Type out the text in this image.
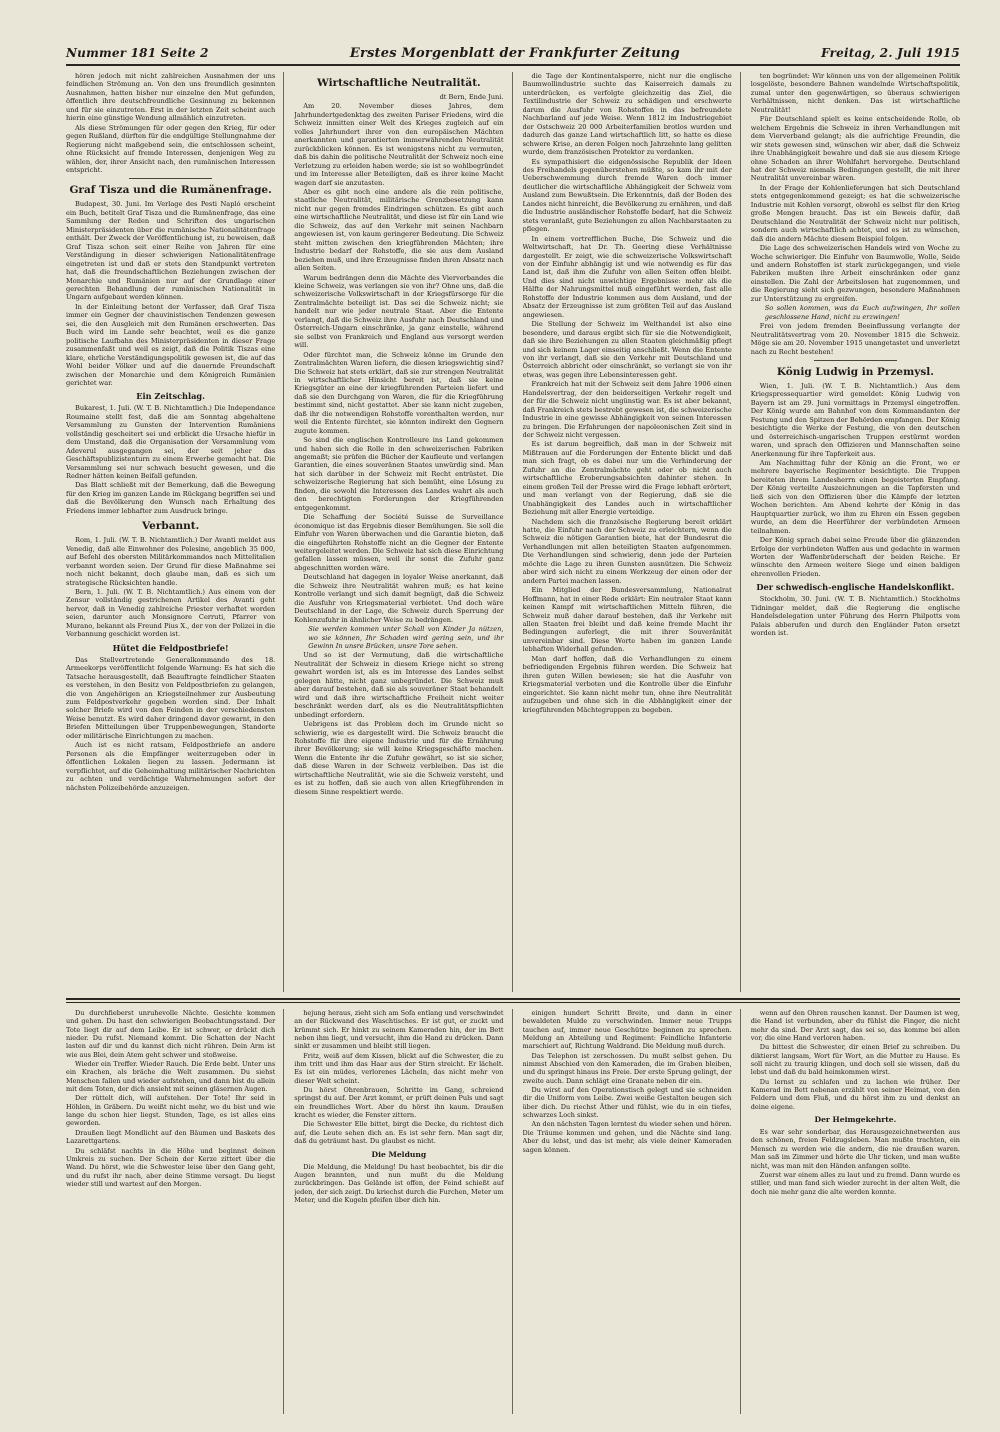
Nummer 181 Seite 2	Erstes Morgenblatt der Frankfurter Zeitung	Freitag, 2. Juli 1915

hören jedoch mit nicht zahlreichen Ausnahmen der uns feindlichen Strömung an. Von den uns freundlich gesinnten Ausnahmen, hatten bisher nur einzelne den Mut gefunden, öffentlich ihre deutschfreundliche Gesinnung zu bekennen und für sie einzutreten. Erst in der letzten Zeit scheint auch hierin eine günstige Wendung allmählich einzutreten.

Als diese Strömungen für oder gegen den Krieg, für oder gegen Rußland, dürften für die endgültige Stellungnahme der Regierung nicht maßgebend sein, die entschlossen scheint, ohne Rücksicht auf fremde Interessen, denjenigen Weg zu wählen, der, ihrer Ansicht nach, den rumänischen Interessen entspricht.

Graf Tisza und die Rumänenfrage.

Budapest, 30. Juni. Im Verlage des Pesti Napló erscheint ein Buch, betitelt Graf Tisza und die Rumänenfrage, das eine Sammlung der Reden und Schriften des ungarischen Ministerpräsidenten über die rumänische Nationalitätenfrage enthält. Der Zweck der Veröffentlichung ist, zu beweisen, daß Graf Tisza schon seit einer Reihe von Jahren für eine Verständigung in dieser schwierigen Nationalitätenfrage eingetreten ist und daß er stets den Standpunkt vertreten hat, daß die freundschaftlichen Beziehungen zwischen der Monarchie und Rumänien nur auf der Grundlage einer gerechten Behandlung der rumänischen Nationalität in Ungarn aufgebaut werden können.

In der Einleitung betont der Verfasser, daß Graf Tisza immer ein Gegner der chauvinistischen Tendenzen gewesen sei, die den Ausgleich mit den Rumänen erschwerten. Das Buch wird im Lande sehr beachtet, weil es die ganze politische Laufbahn des Ministerpräsidenten in dieser Frage zusammenfaßt und weil es zeigt, daß die Politik Tiszas eine klare, ehrliche Verständigungspolitik gewesen ist, die auf das Wohl beider Völker und auf die dauernde Freundschaft zwischen der Monarchie und dem Königreich Rumänien gerichtet war.

Ein Zeitschlag.

Bukarest, 1. Juli. (W. T. B. Nichtamtlich.) Die Independance Roumaine stellt fest, daß die am Sonntag abgehaltene Versammlung zu Gunsten der Intervention Rumäniens vollständig gescheitert sei und erblickt die Ursache hiefür in dem Umstand, daß die Organisation der Versammlung vom Adeverul ausgegangen sei, der seit jeher das Geschäftspublizistenturn zu einem Erwerbe gemacht hat. Die Versammlung sei nur schwach besucht gewesen, und die Redner hätten keinen Beifall gefunden.

Das Blatt schließt mit der Bemerkung, daß die Bewegung für den Krieg im ganzen Lande im Rückgang begriffen sei und daß die Bevölkerung den Wunsch nach Erhaltung des Friedens immer lebhafter zum Ausdruck bringe.

Verbannt.

Rom, 1. Juli. (W. T. B. Nichtamtlich.) Der Avanti meldet aus Venedig, daß alle Einwohner des Polesine, angeblich 35 000, auf Befehl des obersten Militärkommandos nach Mittelitalien verbannt worden seien. Der Grund für diese Maßnahme sei noch nicht bekannt, doch glaube man, daß es sich um strategische Rücksichten handle.

Bern, 1. Juli. (W. T. B. Nichtamtlich.) Aus einem von der Zensur vollständig gestrichenen Artikel des Avanti geht hervor, daß in Venedig zahlreiche Priester verhaftet worden seien, darunter auch Monsignore Cerruti, Pfarrer von Murano, bekannt als Freund Pius X., der von der Polizei in die Verbannung geschickt worden ist.

Hütet die Feldpostbriefe!

Das Stellvertretende Generalkommando des 18. Armeekorps veröffentlicht folgende Warnung: Es hat sich die Tatsache herausgestellt, daß Beauftragte feindlicher Staaten es verstehen, in den Besitz von Feldpostbriefen zu gelangen, die von Angehörigen an Kriegsteilnehmer zur Ausbeutung zum Feldpostverkehr gegeben worden sind. Der Inhalt solcher Briefe wird von den Feinden in der verschiedensten Weise benutzt. Es wird daher dringend davor gewarnt, in den Briefen Mitteilungen über Truppenbewegungen, Standorte oder militärische Einrichtungen zu machen.

Auch ist es nicht ratsam, Feldpostbriefe an andere Personen als die Empfänger weiterzugeben oder in öffentlichen Lokalen liegen zu lassen. Jedermann ist verpflichtet, auf die Geheimhaltung militärischer Nachrichten zu achten und verdächtige Wahrnehmungen sofort der nächsten Polizeibehörde anzuzeigen.

Wirtschaftliche Neutralität.

dt Bern, Ende Juni.

Am 20. November dieses Jahres, dem Jahrhundertgedenktag des zweiten Pariser Friedens, wird die Schweiz inmitten einer Welt des Krieges zugleich auf ein volles Jahrhundert ihrer von den europäischen Mächten anerkannten und garantierten immerwährenden Neutralität zurückblicken können. Es ist wenigstens nicht zu vermuten, daß bis dahin die politische Neutralität der Schweiz noch eine Verletzung zu erleiden haben werde; sie ist so wohlbegründet und im Interesse aller Beteiligten, daß es ihrer keine Macht wagen darf sie anzutasten.

Aber es gibt noch eine andere als die rein politische, staatliche Neutralität, militärische Grenzbesetzung kann nicht nur gegen fremdes Eindringen schützen. Es gibt auch eine wirtschaftliche Neutralität, und diese ist für ein Land wie die Schweiz, das auf den Verkehr mit seinen Nachbarn angewiesen ist, von kaum geringerer Bedeutung. Die Schweiz steht mitten zwischen den kriegführenden Mächten; ihre Industrie bedarf der Rohstoffe, die sie aus dem Ausland beziehen muß, und ihre Erzeugnisse finden ihren Absatz nach allen Seiten.

Warum bedrängen denn die Mächte des Vierverbandes die kleine Schweiz, was verlangen sie von ihr? Ohne uns, daß die schweizerische Volkswirtschaft in der Kriegsfürsorge für die Zentralmächte beteiligt ist. Das sei die Schweiz nicht; sie handelt nur wie jeder neutrale Staat. Aber die Entente verlangt, daß die Schweiz ihre Ausfuhr nach Deutschland und Österreich-Ungarn einschränke, ja ganz einstelle, während sie selbst von Frankreich und England aus versorgt werden will.

Oder fürchtet man, die Schweiz könne im Grunde den Zentralmächten Waren liefern, die diesen kriegswichtig sind? Die Schweiz hat stets erklärt, daß sie zur strengen Neutralität in wirtschaftlicher Hinsicht bereit ist, daß sie keine Kriegsgüter an eine der kriegführenden Parteien liefert und daß sie den Durchgang von Waren, die für die Kriegführung bestimmt sind, nicht gestattet. Aber sie kann nicht zugeben, daß ihr die notwendigen Rohstoffe vorenthalten werden, nur weil die Entente fürchtet, sie könnten indirekt den Gegnern zugute kommen.

So sind die englischen Kontrolleure ins Land gekommen und haben sich die Rolle in den schweizerischen Fabriken angemaßt; sie prüfen die Bücher der Kaufleute und verlangen Garantien, die eines souveränen Staates unwürdig sind. Man hat sich darüber in der Schweiz mit Recht entrüstet. Die schweizerische Regierung hat sich bemüht, eine Lösung zu finden, die sowohl die Interessen des Landes wahrt als auch den berechtigten Forderungen der Kriegführenden entgegenkommt.

Die Schaffung der Société Suisse de Surveillance économique ist das Ergebnis dieser Bemühungen. Sie soll die Einfuhr von Waren überwachen und die Garantie bieten, daß die eingeführten Rohstoffe nicht an die Gegner der Entente weitergeleitet werden. Die Schweiz hat sich diese Einrichtung gefallen lassen müssen, weil ihr sonst die Zufuhr ganz abgeschnitten worden wäre.

Deutschland hat dagegen in loyaler Weise anerkannt, daß die Schweiz ihre Neutralität wahren muß; es hat keine Kontrolle verlangt und sich damit begnügt, daß die Schweiz die Ausfuhr von Kriegsmaterial verbietet. Und doch wäre Deutschland in der Lage, die Schweiz durch Sperrung der Kohlenzufuhr in ähnlicher Weise zu bedrängen.

Sie werden kommen unter Schall von Kinder Ja nützen, wo sie können, Ihr Schaden wird gering sein, und ihr Gewinn In unsre Brücken, unsre Tore sehen.

Und so ist der Vermutung, daß die wirtschaftliche Neutralität der Schweiz in diesem Kriege nicht so streng gewahrt worden ist, als es im Interesse des Landes selbst gelegen hätte, nicht ganz unbegründet. Die Schweiz muß aber darauf bestehen, daß sie als souveräner Staat behandelt wird und daß ihre wirtschaftliche Freiheit nicht weiter beschränkt werden darf, als es die Neutralitätspflichten unbedingt erfordern.

Uebrigens ist das Problem doch im Grunde nicht so schwierig, wie es dargestellt wird. Die Schweiz braucht die Rohstoffe für ihre eigene Industrie und für die Ernährung ihrer Bevölkerung; sie will keine Kriegsgeschäfte machen. Wenn die Entente ihr die Zufuhr gewährt, so ist sie sicher, daß diese Waren in der Schweiz verbleiben. Das ist die wirtschaftliche Neutralität, wie sie die Schweiz versteht, und es ist zu hoffen, daß sie auch von allen Kriegführenden in diesem Sinne respektiert werde.

die Tage der Kontinentalsperre, nicht nur die englische Baumwollindustrie suchte das Kaiserreich damals zu unterdrücken, es verfolgte gleichzeitig das Ziel, die Textilindustrie der Schweiz zu schädigen und erschwerte darum die Ausfuhr von Rohstoffen in das befreundete Nachbarland auf jede Weise. Wenn 1812 im Industriegebiet der Ostschweiz 20 000 Arbeiterfamilien brotlos wurden und dadurch das ganze Land wirtschaftlich litt, so hatte es diese schwere Krise, an deren Folgen noch Jahrzehnte lang gelitten wurde, dem französischen Protektor zu verdanken.

Es sympathisiert die eidgenössische Republik der Ideen des Freihandels gegenüberstehen müßte, so kam ihr mit der Ueberschwemmung durch fremde Waren doch immer deutlicher die wirtschaftliche Abhängigkeit der Schweiz vom Ausland zum Bewußtsein. Die Erkenntnis, daß der Boden des Landes nicht hinreicht, die Bevölkerung zu ernähren, und daß die Industrie ausländischer Rohstoffe bedarf, hat die Schweiz stets veranlaßt, gute Beziehungen zu allen Nachbarstaaten zu pflegen.

In einem vortrefflichen Buche, Die Schweiz und die Weltwirtschaft, hat Dr. Th. Geering diese Verhältnisse dargestellt. Er zeigt, wie die schweizerische Volkswirtschaft von der Einfuhr abhängig ist und wie notwendig es für das Land ist, daß ihm die Zufuhr von allen Seiten offen bleibt. Und dies sind nicht unwichtige Ergebnisse: mehr als die Hälfte der Nahrungsmittel muß eingeführt werden, fast alle Rohstoffe der Industrie kommen aus dem Ausland, und der Absatz der Erzeugnisse ist zum größten Teil auf das Ausland angewiesen.

Die Stellung der Schweiz im Welthandel ist also eine besondere, und daraus ergibt sich für sie die Notwendigkeit, daß sie ihre Beziehungen zu allen Staaten gleichmäßig pflegt und sich keinem Lager einseitig anschließt. Wenn die Entente von ihr verlangt, daß sie den Verkehr mit Deutschland und Österreich abbricht oder einschränkt, so verlangt sie von ihr etwas, was gegen ihre Lebensinteressen geht.

Frankreich hat mit der Schweiz seit dem Jahre 1906 einen Handelsvertrag, der den beiderseitigen Verkehr regelt und der für die Schweiz nicht ungünstig war. Es ist aber bekannt, daß Frankreich stets bestrebt gewesen ist, die schweizerische Industrie in eine gewisse Abhängigkeit von seinen Interessen zu bringen. Die Erfahrungen der napoleonischen Zeit sind in der Schweiz nicht vergessen.

Es ist darum begreiflich, daß man in der Schweiz mit Mißtrauen auf die Forderungen der Entente blickt und daß man sich fragt, ob es dabei nur um die Verhinderung der Zufuhr an die Zentralmächte geht oder ob nicht auch wirtschaftliche Eroberungsabsichten dahinter stehen. In einem großen Teil der Presse wird die Frage lebhaft erörtert, und man verlangt von der Regierung, daß sie die Unabhängigkeit des Landes auch in wirtschaftlicher Beziehung mit aller Energie verteidige.

Nachdem sich die französische Regierung bereit erklärt hatte, die Einfuhr nach der Schweiz zu erleichtern, wenn die Schweiz die nötigen Garantien biete, hat der Bundesrat die Verhandlungen mit allen beteiligten Staaten aufgenommen. Die Verhandlungen sind schwierig, denn jede der Parteien möchte die Lage zu ihren Gunsten ausnützen. Die Schweiz aber wird sich nicht zu einem Werkzeug der einen oder der andern Partei machen lassen.

Ein Mitglied der Bundesversammlung, Nationalrat Hoffmann, hat in einer Rede erklärt: Ein neutraler Staat kann keinen Kampf mit wirtschaftlichen Mitteln führen, die Schweiz muß daher darauf bestehen, daß ihr Verkehr mit allen Staaten frei bleibt und daß keine fremde Macht ihr Bedingungen auferlegt, die mit ihrer Souveränität unvereinbar sind. Diese Worte haben im ganzen Lande lebhaften Widerhall gefunden.

Man darf hoffen, daß die Verhandlungen zu einem befriedigenden Ergebnis führen werden. Die Schweiz hat ihren guten Willen bewiesen; sie hat die Ausfuhr von Kriegsmaterial verboten und die Kontrolle über die Einfuhr eingerichtet. Sie kann nicht mehr tun, ohne ihre Neutralität aufzugeben und ohne sich in die Abhängigkeit einer der kriegführenden Mächtegruppen zu begeben.

ten begründet: Wir können uns von der allgemeinen Politik losgelöste, besondere Bahnen wandelnde Wirtschaftspolitik, zumal unter den gegenwärtigen, so überaus schwierigen Verhältnissen, nicht denken. Das ist wirtschaftliche Neutralität!

Für Deutschland spielt es keine entscheidende Rolle, ob welchem Ergebnis die Schweiz in ihren Verhandlungen mit dem Vierverband gelangt; als die aufrichtige Freundin, die wir stets gewesen sind, wünschen wir aber, daß die Schweiz ihre Unabhängigkeit bewahre und daß sie aus diesem Kriege ohne Schaden an ihrer Wohlfahrt hervorgehe. Deutschland hat der Schweiz niemals Bedingungen gestellt, die mit ihrer Neutralität unvereinbar wären.

In der Frage der Kohlenlieferungen hat sich Deutschland stets entgegenkommend gezeigt; es hat die schweizerische Industrie mit Kohlen versorgt, obwohl es selbst für den Krieg große Mengen braucht. Das ist ein Beweis dafür, daß Deutschland die Neutralität der Schweiz nicht nur politisch, sondern auch wirtschaftlich achtet, und es ist zu wünschen, daß die andern Mächte diesem Beispiel folgen.

Die Lage des schweizerischen Handels wird von Woche zu Woche schwieriger. Die Einfuhr von Baumwolle, Wolle, Seide und andern Rohstoffen ist stark zurückgegangen, und viele Fabriken mußten ihre Arbeit einschränken oder ganz einstellen. Die Zahl der Arbeitslosen hat zugenommen, und die Regierung sieht sich gezwungen, besondere Maßnahmen zur Unterstützung zu ergreifen.

So sollen kommen, was da Euch aufzwingen, Ihr sollen geschlossene Hand, nicht zu erzwingen!

Frei von jedem fremden Beeinflussung verlangte der Neutralitätsvertrag vom 20. November 1815 die Schweiz. Möge sie am 20. November 1915 unangetastet und unverletzt nach zu Recht bestehen!

König Ludwig in Przemysl.

Wien, 1. Juli. (W. T. B. Nichtamtlich.) Aus dem Kriegspressequartier wird gemeldet: König Ludwig von Bayern ist am 29. Juni vormittags in Przemysl eingetroffen. Der König wurde am Bahnhof von dem Kommandanten der Festung und den Spitzen der Behörden empfangen. Der König besichtigte die Werke der Festung, die von den deutschen und österreichisch-ungarischen Truppen erstürmt worden waren, und sprach den Offizieren und Mannschaften seine Anerkennung für ihre Tapferkeit aus.

Am Nachmittag fuhr der König an die Front, wo er mehrere bayerische Regimenter besichtigte. Die Truppen bereiteten ihrem Landesherrn einen begeisterten Empfang. Der König verteilte Auszeichnungen an die Tapfersten und ließ sich von den Offizieren über die Kämpfe der letzten Wochen berichten. Am Abend kehrte der König in das Hauptquartier zurück, wo ihm zu Ehren ein Essen gegeben wurde, an dem die Heerführer der verbündeten Armeen teilnahmen.

Der König sprach dabei seine Freude über die glänzenden Erfolge der verbündeten Waffen aus und gedachte in warmen Worten der Waffenbrüderschaft der beiden Reiche. Er wünschte den Armeen weitere Siege und einen baldigen ehrenvollen Frieden.

Der schwedisch-englische Handelskonflikt.

Stockholm, 30. Juni. (W. T. B. Nichtamtlich.) Stockholms Tidningar meldet, daß die Regierung die englische Handelsdelegation unter Führung des Herrn Philpotts vom Palais abberufen und durch den Engländer Paton ersetzt worden ist.

Du durchfieberst unruhevolle Nächte. Gesichte kommen und gehen. Du hast den schwierigen Beobachtungsstand. Der Tote liegt dir auf dem Leibe. Er ist schwer, er drückt dich nieder. Du rufst. Niemand kommt. Die Schatten der Nacht lasten auf dir und du kannst dich nicht rühren. Dein Arm ist wie aus Blei, dein Atem geht schwer und stoßweise.

Wieder ein Treffer. Wieder Rauch. Die Erde bebt. Unter uns ein Krachen, als bräche die Welt zusammen. Du siehst Menschen fallen und wieder aufstehen, und dann bist du allein mit dem Toten, der dich ansieht mit seinen gläsernen Augen.

Der rüttelt dich, will aufstehen. Der Tote! Ihr seid in Höhlen, in Gräbern. Du weißt nicht mehr, wo du bist und wie lange du schon hier liegst. Stunden, Tage, es ist alles eins geworden.

Draußen liegt Mondlicht auf den Bäumen und Baskets des Lazarettgartens.

Du schläfst nachts in die Höhe und beginnst deinen Umkreis zu suchen. Der Schein der Kerze zittert über die Wand. Du hörst, wie die Schwester leise über den Gang geht, und du rufst ihr nach, aber deine Stimme versagt. Du liegst wieder still und wartest auf den Morgen.

hejung heraus, zieht sich am Sofa entlang und verschwindet an der Rückwand des Waschtisches. Er ist gut, er zuckt und krümmt sich. Er hinkt zu seinem Kameraden hin, der im Bett neben ihm liegt, und versucht, ihm die Hand zu drücken. Dann sinkt er zusammen und bleibt still liegen.

Fritz, weiß auf dem Kissen, blickt auf die Schwester, die zu ihm tritt und ihm das Haar aus der Stirn streicht. Er lächelt. Es ist ein müdes, verlorenes Lächeln, das nicht mehr von dieser Welt scheint.

Du hörst Ohrenbrauen, Schritte im Gang, schreiend springst du auf. Der Arzt kommt, er prüft deinen Puls und sagt ein freundliches Wort. Aber du hörst ihn kaum. Draußen kracht es wieder, die Fenster zittern.

Die Schwester Elle bittet, birgt die Decke, du richtest dich auf, die Leute sehen dich an. Es ist sehr fern. Man sagt dir, daß du geträumt hast. Du glaubst es nicht.

Die Meldung

Die Meldung, die Meldung! Du hast beobachtet, bis dir die Augen brannten, und nun mußt du die Meldung zurückbringen. Das Gelände ist offen, der Feind schießt auf jeden, der sich zeigt. Du kriechst durch die Furchen, Meter um Meter, und die Kugeln pfeifen über dich hin.

einigen hundert Schritt Breite, und dann in einer bewaldeten Mulde zu verschwinden. Immer neue Trupps tauchen auf, immer neue Geschütze beginnen zu sprechen. Meldung an Abteilung und Regiment: Feindliche Infanterie marschiert auf, Richtung Waldrand. Die Meldung muß durch.

Das Telephon ist zerschossen. Du mußt selbst gehen. Du nimmst Abschied von den Kameraden, die im Graben bleiben, und du springst hinaus ins Freie. Der erste Sprung gelingt, der zweite auch. Dann schlägt eine Granate neben dir ein.

Du wirst auf den Operationstisch gelegt und sie schneiden dir die Uniform vom Leibe. Zwei weiße Gestalten beugen sich über dich. Du riechst Äther und fühlst, wie du in ein tiefes, schwarzes Loch sinkst.

An den nächsten Tagen lerntest du wieder sehen und hören. Die Träume kommen und gehen, und die Nächte sind lang. Aber du lebst, und das ist mehr, als viele deiner Kameraden sagen können.

wenn auf den Ohren rauschen kannst. Der Daumen ist weg, die Hand ist verbunden, aber du fühlst die Finger, die nicht mehr da sind. Der Arzt sagt, das sei so, das komme bei allen vor, die eine Hand verloren haben.

Du bittest die Schwester, dir einen Brief zu schreiben. Du diktierst langsam, Wort für Wort, an die Mutter zu Hause. Es soll nicht zu traurig klingen, und doch soll sie wissen, daß du lebst und daß du bald heimkommen wirst.

Du lernst zu schlafen und zu lachen wie früher. Der Kamerad im Bett nebenan erzählt von seiner Heimat, von den Feldern und dem Fluß, und du hörst ihm zu und denkst an deine eigene.

Der Heimgekehrte.

Es war sehr sonderbar, das Herausgezeichnetwerden aus den schönen, freien Feldzugsleben. Man mußte trachten, ein Mensch zu werden wie die andern, die nie draußen waren. Man saß im Zimmer und hörte die Uhr ticken, und man wußte nicht, was man mit den Händen anfangen sollte.

Zuerst war einem alles zu laut und zu fremd. Dann wurde es stiller, und man fand sich wieder zurecht in der alten Welt, die doch nie mehr ganz die alte werden konnte.
